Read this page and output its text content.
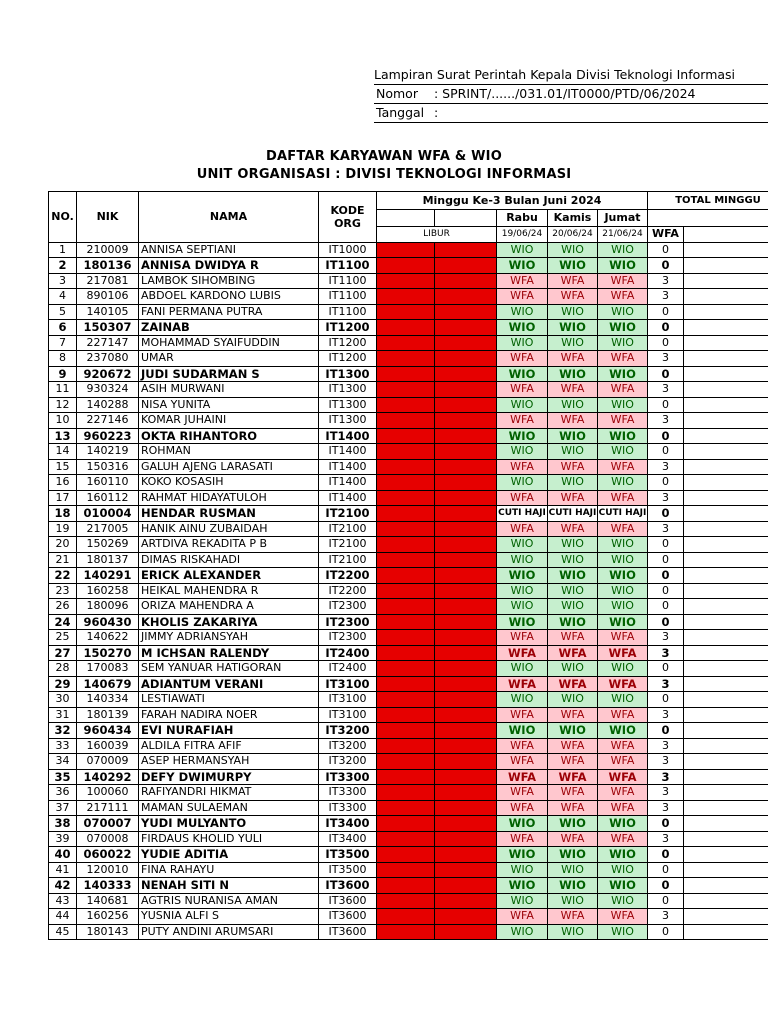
Lampiran Surat Perintah Kepala Divisi Teknologi Informasi
Nomor : SPRINT/....../031.01/IT0000/PTD/06/2024
Tanggal :
DAFTAR KARYAWAN WFA & WIO
UNIT ORGANISASI : DIVISI TEKNOLOGI INFORMASI
NO.	NIK	NAMA	KODE ORG	Minggu Ke-3 Bulan Juni 2024					TOTAL MINGGU	
						Rabu	Kamis	Jumat		
				LIBUR		19/06/24	20/06/24	21/06/24	WFA	
1	210009	ANNISA SEPTIANI	IT1000			WIO	WIO	WIO	0	
2	180136	ANNISA DWIDYA R	IT1100			WIO	WIO	WIO	0	
3	217081	LAMBOK SIHOMBING	IT1100			WFA	WFA	WFA	3	
4	890106	ABDOEL KARDONO LUBIS	IT1100			WFA	WFA	WFA	3	
5	140105	FANI PERMANA PUTRA	IT1100			WIO	WIO	WIO	0	
6	150307	ZAINAB	IT1200			WIO	WIO	WIO	0	
7	227147	MOHAMMAD SYAIFUDDIN	IT1200			WIO	WIO	WIO	0	
8	237080	UMAR	IT1200			WFA	WFA	WFA	3	
9	920672	JUDI SUDARMAN S	IT1300			WIO	WIO	WIO	0	
11	930324	ASIH MURWANI	IT1300			WFA	WFA	WFA	3	
12	140288	NISA YUNITA	IT1300			WIO	WIO	WIO	0	
10	227146	KOMAR JUHAINI	IT1300			WFA	WFA	WFA	3	
13	960223	OKTA RIHANTORO	IT1400			WIO	WIO	WIO	0	
14	140219	ROHMAN	IT1400			WIO	WIO	WIO	0	
15	150316	GALUH AJENG LARASATI	IT1400			WFA	WFA	WFA	3	
16	160110	KOKO KOSASIH	IT1400			WIO	WIO	WIO	0	
17	160112	RAHMAT HIDAYATULOH	IT1400			WFA	WFA	WFA	3	
18	010004	HENDAR RUSMAN	IT2100			CUTI HAJI	CUTI HAJI	CUTI HAJI	0	
19	217005	HANIK AINU ZUBAIDAH	IT2100			WFA	WFA	WFA	3	
20	150269	ARTDIVA REKADITA P B	IT2100			WIO	WIO	WIO	0	
21	180137	DIMAS RISKAHADI	IT2100			WIO	WIO	WIO	0	
22	140291	ERICK ALEXANDER	IT2200			WIO	WIO	WIO	0	
23	160258	HEIKAL MAHENDRA R	IT2200			WIO	WIO	WIO	0	
26	180096	ORIZA MAHENDRA A	IT2300			WIO	WIO	WIO	0	
24	960430	KHOLIS ZAKARIYA	IT2300			WIO	WIO	WIO	0	
25	140622	JIMMY ADRIANSYAH	IT2300			WFA	WFA	WFA	3	
27	150270	M ICHSAN RALENDY	IT2400			WFA	WFA	WFA	3	
28	170083	SEM YANUAR HATIGORAN	IT2400			WIO	WIO	WIO	0	
29	140679	ADIANTUM VERANI	IT3100			WFA	WFA	WFA	3	
30	140334	LESTIAWATI	IT3100			WIO	WIO	WIO	0	
31	180139	FARAH NADIRA NOER	IT3100			WFA	WFA	WFA	3	
32	960434	EVI NURAFIAH	IT3200			WIO	WIO	WIO	0	
33	160039	ALDILA FITRA AFIF	IT3200			WFA	WFA	WFA	3	
34	070009	ASEP HERMANSYAH	IT3200			WFA	WFA	WFA	3	
35	140292	DEFY DWIMURPY	IT3300			WFA	WFA	WFA	3	
36	100060	RAFIYANDRI HIKMAT	IT3300			WFA	WFA	WFA	3	
37	217111	MAMAN SULAEMAN	IT3300			WFA	WFA	WFA	3	
38	070007	YUDI MULYANTO	IT3400			WIO	WIO	WIO	0	
39	070008	FIRDAUS KHOLID YULI	IT3400			WFA	WFA	WFA	3	
40	060022	YUDIE ADITIA	IT3500			WIO	WIO	WIO	0	
41	120010	FINA RAHAYU	IT3500			WIO	WIO	WIO	0	
42	140333	NENAH SITI N	IT3600			WIO	WIO	WIO	0	
43	140681	AGTRIS NURANISA AMAN	IT3600			WIO	WIO	WIO	0	
44	160256	YUSNIA ALFI S	IT3600			WFA	WFA	WFA	3	
45	180143	PUTY ANDINI ARUMSARI	IT3600			WIO	WIO	WIO	0	
